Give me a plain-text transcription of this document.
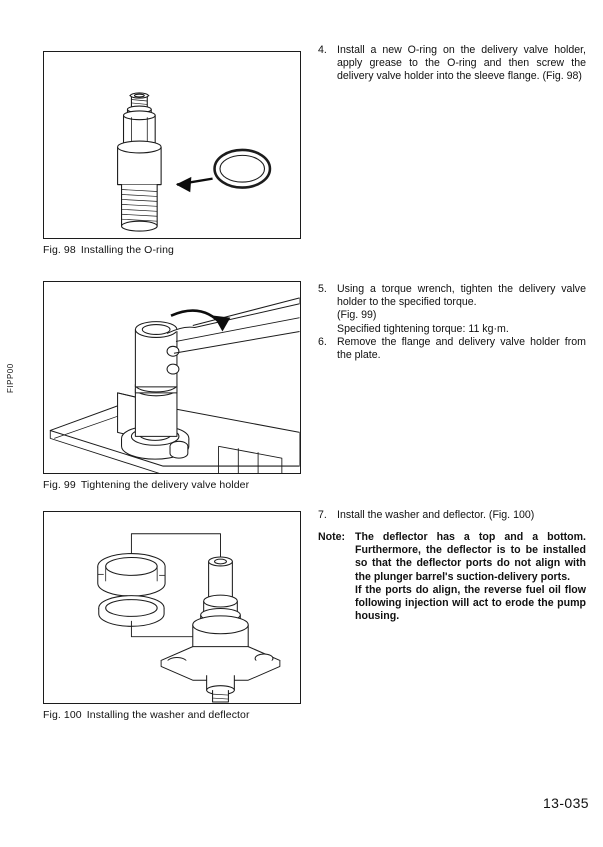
FIPP00
Fig. 98 Installing the O-ring
Fig. 99 Tightening the delivery valve holder
Fig. 100 Installing the washer and deflector
4. Install a new O-ring on the delivery valve holder, apply grease to the O-ring and then screw the delivery valve holder into the sleeve flange. (Fig. 98)
5. Using a torque wrench, tighten the delivery valve holder to the specified torque.

(Fig. 99)

Specified tightening torque: 11 kg·m.

6. Remove the flange and delivery valve holder from the plate.
7. Install the washer and deflector. (Fig. 100)

Note: The deflector has a top and a bottom. Furthermore, the deflector is to be installed so that the deflector ports do not align with the plunger barrel's suction-delivery ports.

If the ports do align, the reverse fuel oil flow following injection will act to erode the pump housing.

13-035
